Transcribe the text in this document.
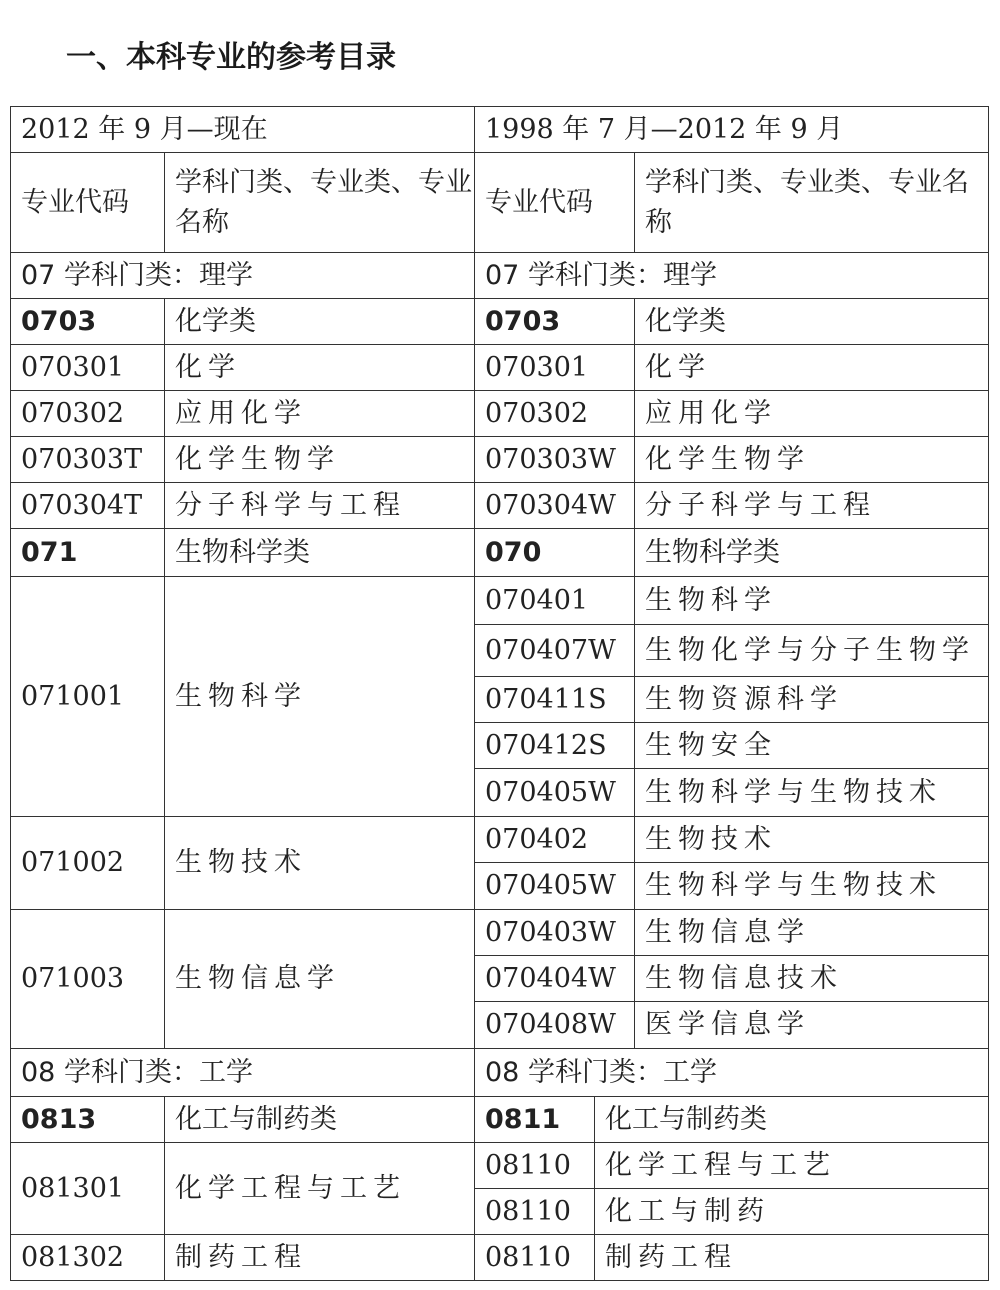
一、本科专业的参考目录
2012 年 9 月—现在	
专业代码	学科门类、专业类、专业名称
07 学科门类：理学	
0703	化学类
070301	化学
070302	应用化学
070303T	化学生物学
070304T	分子科学与工程
071	生物科学类
071001	生物科学
071002	生物技术
071003	生物信息学
08 学科门类：工学	
0813	化工与制药类
081301	化学工程与工艺
081302	制药工程
1998 年 7 月—2012 年 9 月		
专业代码		学科门类、专业类、专业名称
07 学科门类：理学		
0703		化学类
070301		化学
070302		应用化学
070303W		化学生物学
070304W		分子科学与工程
070		生物科学类
070401		生物科学
070407W		生物化学与分子生物学
070411S		生物资源科学
070412S		生物安全
070405W		生物科学与生物技术
070402		生物技术
070405W		生物科学与生物技术
070403W		生物信息学
070404W		生物信息技术
070408W		医学信息学
08 学科门类：工学		
0811	化工与制药类	
08110	化学工程与工艺	
08110	化工与制药	
08110	制药工程	
